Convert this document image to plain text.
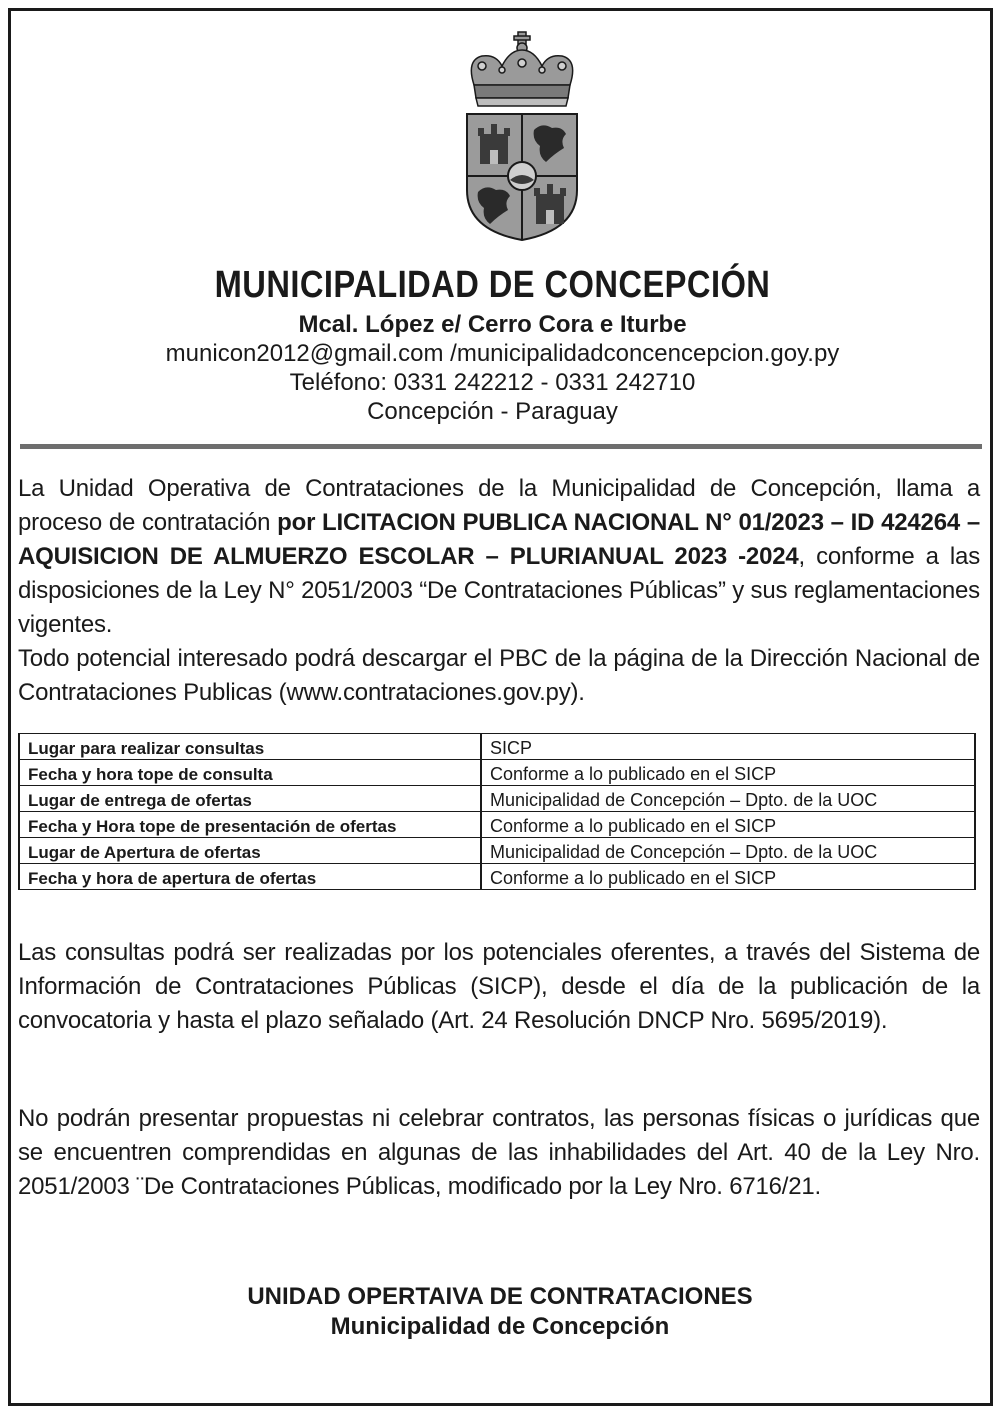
MUNICIPALIDAD DE CONCEPCIÓN
Mcal. López e/ Cerro Cora e Iturbe
municon2012@gmail.com /municipalidadconcencepcion.goy.py
Teléfono: 0331 242212 - 0331 242710
Concepción - Paraguay
La Unidad Operativa de Contrataciones de la Municipalidad de Concepción, llama a proceso de contratación por LICITACION PUBLICA NACIONAL N° 01/2023 – ID 424264 – AQUISICION DE ALMUERZO ESCOLAR – PLURIANUAL 2023 -2024, conforme a las disposiciones de la Ley N° 2051/2003 “De Contrataciones Públicas” y sus reglamentaciones vigentes.
Todo potencial interesado podrá descargar el PBC de la página de la Dirección Nacional de Contrataciones Publicas (www.contrataciones.gov.py).
Lugar para realizar consultas	SICP
Fecha y hora tope de consulta	Conforme a lo publicado en el SICP
Lugar de entrega de ofertas	Municipalidad de Concepción – Dpto. de la UOC
Fecha y Hora tope de presentación de ofertas	Conforme a lo publicado en el SICP
Lugar de Apertura de ofertas	Municipalidad de Concepción – Dpto. de la UOC
Fecha y hora de apertura de ofertas	Conforme a lo publicado en el SICP
Las consultas podrá ser realizadas por los potenciales oferentes, a través del Sistema de Información de Contrataciones Públicas (SICP), desde el día de la publicación de la convocatoria y hasta el plazo señalado (Art. 24 Resolución DNCP Nro. 5695/2019).
No podrán presentar propuestas ni celebrar contratos, las personas físicas o jurídicas que se encuentren comprendidas en algunas de las inhabilidades del Art. 40 de la Ley Nro. 2051/2003 ¨De Contrataciones Públicas, modificado por la Ley Nro. 6716/21.
UNIDAD OPERTAIVA DE CONTRATACIONES
Municipalidad de Concepción
